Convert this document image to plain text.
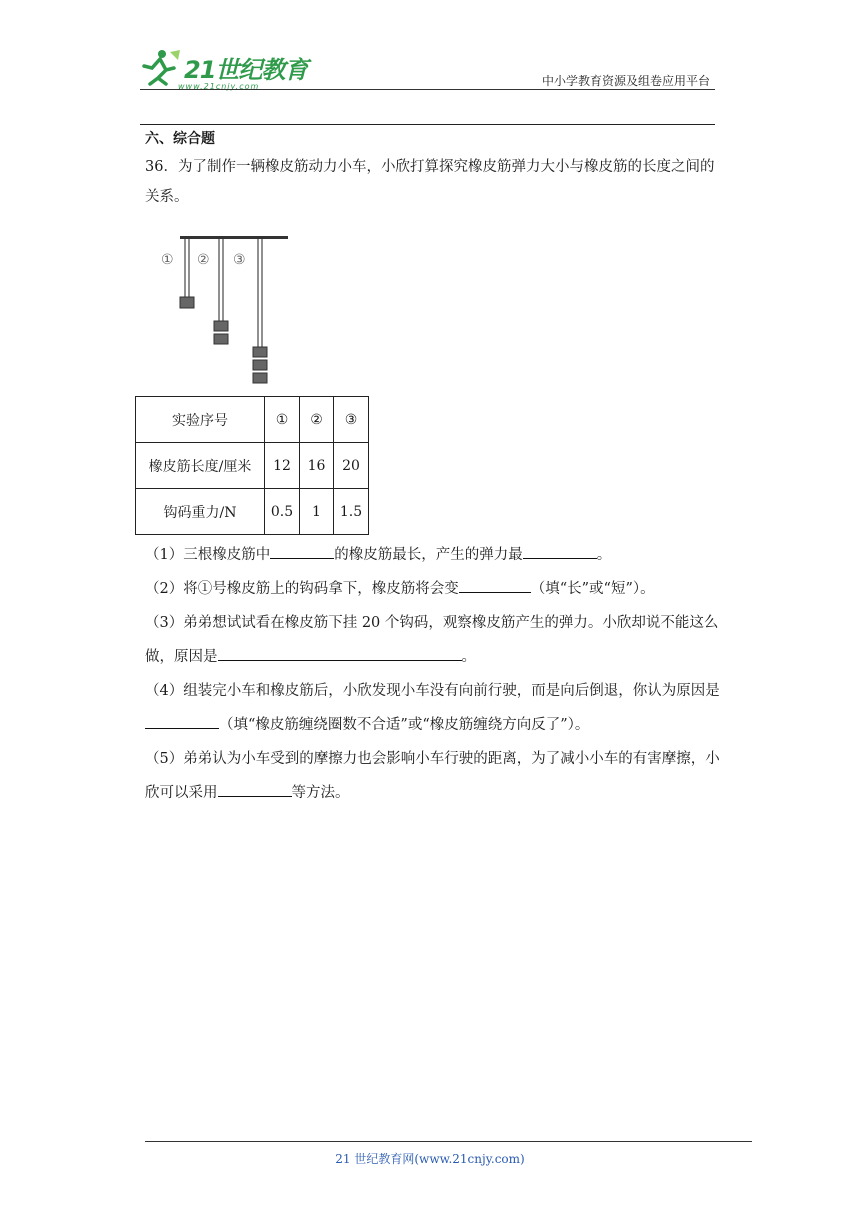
21世纪教育
www.21cnjy.com	中小学教育资源及组卷应用平台
六、综合题
36．为了制作一辆橡皮筋动力小车，小欣打算探究橡皮筋弹力大小与橡皮筋的长度之间的关系。
① ② ③
实验序号	①	②	③
橡皮筋长度/厘米	12	16	20
钩码重力/N	0.5	1	1.5
（1）三根橡皮筋中	的橡皮筋最长，产生的弹力最	。
（2）将①号橡皮筋上的钩码拿下，橡皮筋将会变	（填“长”或“短”）。
（3）弟弟想试试看在橡皮筋下挂 20 个钩码，观察橡皮筋产生的弹力。小欣却说不能这么做，原因是	。
（4）组装完小车和橡皮筋后，小欣发现小车没有向前行驶，而是向后倒退，你认为原因是（填“橡皮筋缠绕圈数不合适”或“橡皮筋缠绕方向反了”）。
（5）弟弟认为小车受到的摩擦力也会影响小车行驶的距离，为了减小小车的有害摩擦，小欣可以采用	等方法。
21 世纪教育网(www.21cnjy.com)
